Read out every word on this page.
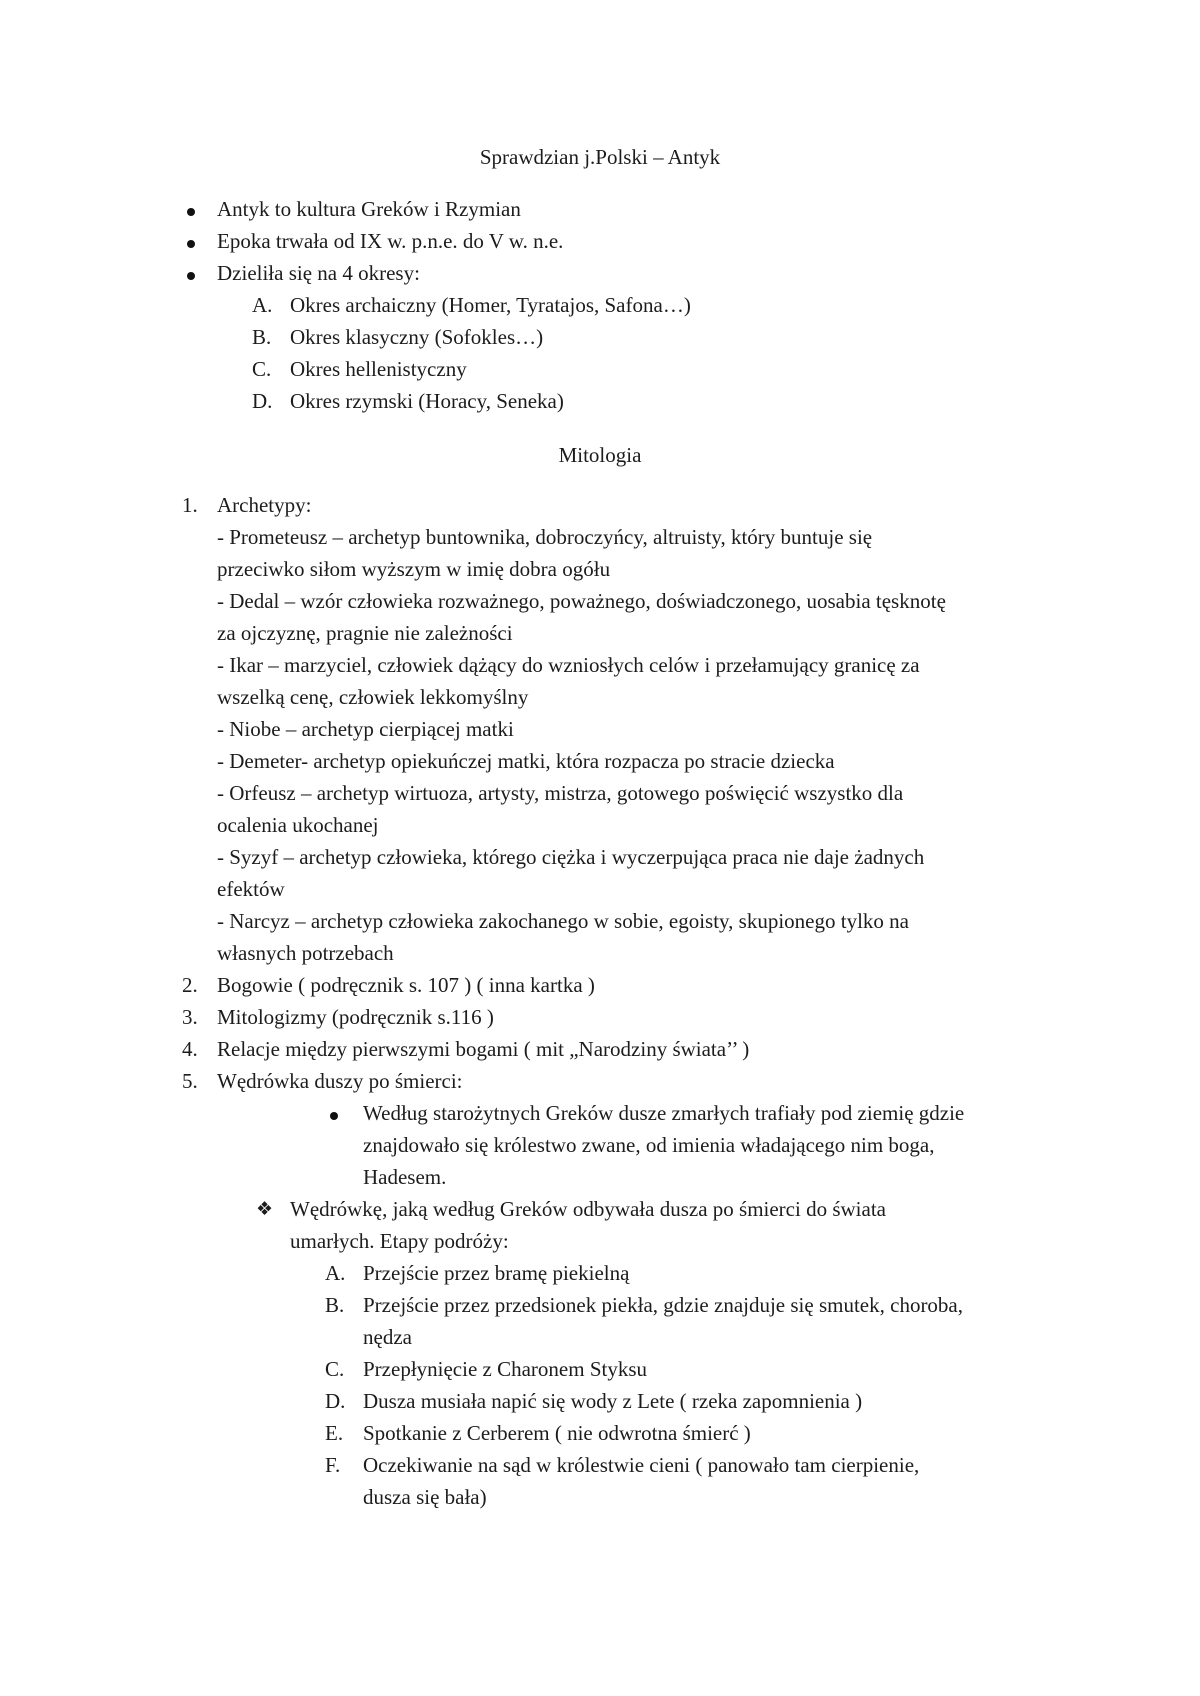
Sprawdzian j.Polski – Antyk
Antyk to kultura Greków i Rzymian
Epoka trwała od IX w. p.n.e. do V w. n.e.
Dzieliła się na 4 okresy:
A. Okres archaiczny (Homer, Tyratajos, Safona…)
B. Okres klasyczny (Sofokles…)
C. Okres hellenistyczny
D. Okres rzymski (Horacy, Seneka)
Mitologia
1. Archetypy:
- Prometeusz – archetyp buntownika, dobroczyńcy, altruisty, który buntuje się
przeciwko siłom wyższym w imię dobra ogółu
- Dedal – wzór człowieka rozważnego, poważnego, doświadczonego, uosabia tęsknotę
za ojczyznę, pragnie nie zależności
- Ikar – marzyciel, człowiek dążący do wzniosłych celów i przełamujący granicę za
wszelką cenę, człowiek lekkomyślny
- Niobe – archetyp cierpiącej matki
- Demeter- archetyp opiekuńczej matki, która rozpacza po stracie dziecka
- Orfeusz – archetyp wirtuoza, artysty, mistrza, gotowego poświęcić wszystko dla
ocalenia ukochanej
- Syzyf – archetyp człowieka, którego ciężka i wyczerpująca praca nie daje żadnych
efektów
- Narcyz – archetyp człowieka zakochanego w sobie, egoisty, skupionego tylko na
własnych potrzebach
2. Bogowie ( podręcznik s. 107 ) ( inna kartka )
3. Mitologizmy (podręcznik s.116 )
4. Relacje między pierwszymi bogami ( mit „Narodziny świata’’ )
5. Wędrówka duszy po śmierci:
Według starożytnych Greków dusze zmarłych trafiały pod ziemię gdzie
znajdowało się królestwo zwane, od imienia władającego nim boga,
Hadesem.
❖ Wędrówkę, jaką według Greków odbywała dusza po śmierci do świata
umarłych. Etapy podróży:
A. Przejście przez bramę piekielną
B. Przejście przez przedsionek piekła, gdzie znajduje się smutek, choroba,
nędza
C. Przepłynięcie z Charonem Styksu
D. Dusza musiała napić się wody z Lete ( rzeka zapomnienia )
E. Spotkanie z Cerberem ( nie odwrotna śmierć )
F. Oczekiwanie na sąd w królestwie cieni ( panowało tam cierpienie,
dusza się bała)
